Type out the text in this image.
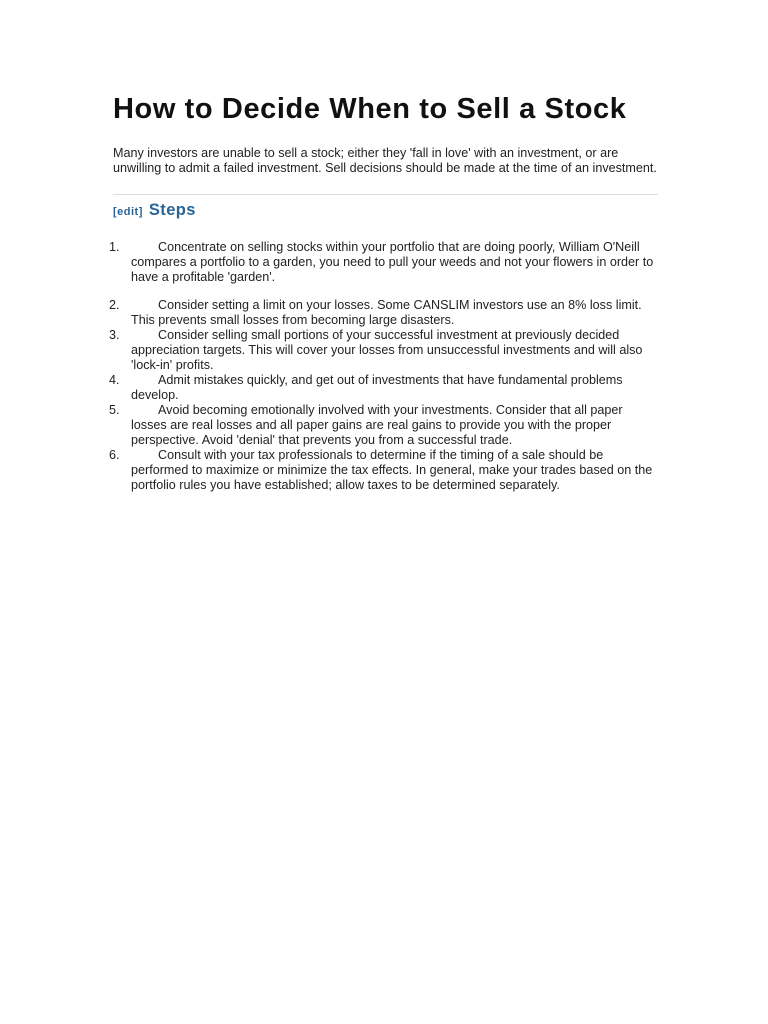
How to Decide When to Sell a Stock

Many investors are unable to sell a stock; either they 'fall in love' with an investment, or are unwilling to admit a failed investment. Sell decisions should be made at the time of an investment.

[edit] Steps
1.	Concentrate on selling stocks within your portfolio that are doing poorly, William O'Neill compares a portfolio to a garden, you need to pull your weeds and not your flowers in order to have a profitable 'garden'.
2.	Consider setting a limit on your losses. Some CANSLIM investors use an 8% loss limit. This prevents small losses from becoming large disasters.
3.	Consider selling small portions of your successful investment at previously decided appreciation targets. This will cover your losses from unsuccessful investments and will also 'lock-in' profits.
4.	Admit mistakes quickly, and get out of investments that have fundamental problems develop.
5.	Avoid becoming emotionally involved with your investments. Consider that all paper losses are real losses and all paper gains are real gains to provide you with the proper perspective. Avoid 'denial' that prevents you from a successful trade.
6.	Consult with your tax professionals to determine if the timing of a sale should be performed to maximize or minimize the tax effects. In general, make your trades based on the portfolio rules you have established; allow taxes to be determined separately.
